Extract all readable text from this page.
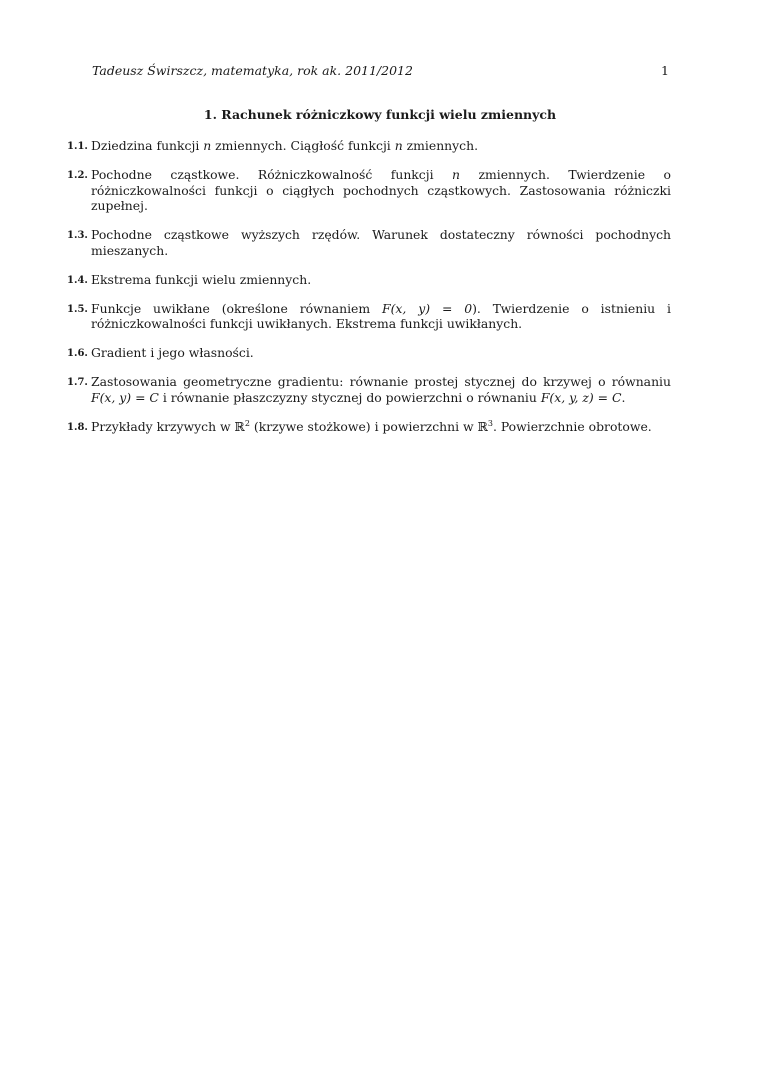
Tadeusz Świrszcz, matematyka, rok ak. 2011/2012	1
1. Rachunek różniczkowy funkcji wielu zmiennych
1.1. Dziedzina funkcji n zmiennych. Ciągłość funkcji n zmiennych.
1.2. Pochodne cząstkowe. Różniczkowalność funkcji n zmiennych. Twierdzenie o różniczkowalności funkcji o ciągłych pochodnych cząstkowych. Zastosowania różniczki zupełnej.
1.3. Pochodne cząstkowe wyższych rzędów. Warunek dostateczny równości pochodnych mieszanych.
1.4. Ekstrema funkcji wielu zmiennych.
1.5. Funkcje uwikłane (określone równaniem F(x, y) = 0). Twierdzenie o istnieniu i różniczkowalności funkcji uwikłanych. Ekstrema funkcji uwikłanych.
1.6. Gradient i jego własności.
1.7. Zastosowania geometryczne gradientu: równanie prostej stycznej do krzywej o równaniu F(x, y) = C i równanie płaszczyzny stycznej do powierzchni o równaniu F(x, y, z) = C.
1.8. Przykłady krzywych w ℝ$^2$ (krzywe stożkowe) i powierzchni w ℝ$^3$. Powierzchnie obrotowe.
